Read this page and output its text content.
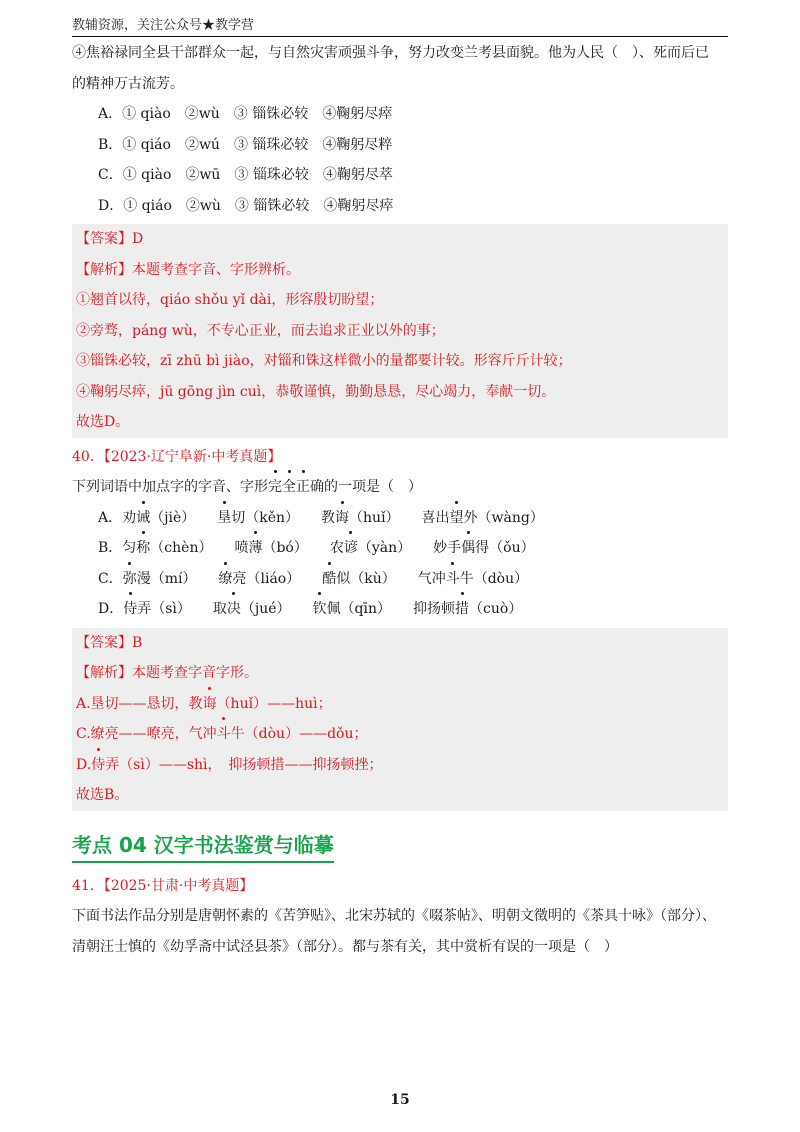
教辅资源，关注公众号★教学营
④焦裕禄同全县干部群众一起，与自然灾害顽强斗争，努力改变兰考县面貌。他为人民（　）、死而后已
的精神万古流芳。
A．① qiào　②wù　③ 锱铢必较　④鞠躬尽瘁
B．① qiáo　②wú　③ 锱珠必较　④鞠躬尽粹
C．① qiào　②wū　③ 锱珠必较　④鞠躬尽萃
D．① qiáo　②wù　③ 锱铢必较　④鞠躬尽瘁
【答案】D
【解析】本题考查字音、字形辨析。
①翘首以待，qiáo shǒu yǐ dài，形容殷切盼望；
②旁骛，páng wù，不专心正业，而去追求正业以外的事；
③锱铢必较，zī zhū bì jiào，对锱和铢这样微小的量都要计较。形容斤斤计较；
④鞠躬尽瘁，jū gōng jìn cuì，恭敬谨慎，勤勤恳恳，尽心竭力，奉献一切。
故选D。
40．【2023·辽宁阜新·中考真题】
下列词语中加点字的字音、字形完全正确的一项是（　）
A．劝诫（jiè） 垦切（kěn） 教诲（huǐ） 喜出望外（wàng）
B．匀称（chèn） 喷薄（bó） 农谚（yàn） 妙手偶得（ǒu）
C．弥漫（mí） 缭亮（liáo） 酷似（kù） 气冲斗牛（dòu）
D．侍弄（sì） 取决（jué） 钦佩（qīn） 抑扬顿措（cuò）
【答案】B
【解析】本题考查字音字形。
A.垦切——恳切，教诲（huǐ）——huì；
C.缭亮——嘹亮，气冲斗牛（dòu）——dǒu；
D.侍弄（sì）——shì，　抑扬顿措——抑扬顿挫；
故选B。
考点 04 汉字书法鉴赏与临摹
41．【2025·甘肃·中考真题】
下面书法作品分别是唐朝怀素的《苦笋贴》、北宋苏轼的《啜茶帖》、明朝文徵明的《茶具十咏》（部分）、清朝汪士慎的《幼孚斋中试泾县茶》（部分）。都与茶有关，其中赏析有误的一项是（　）
15
